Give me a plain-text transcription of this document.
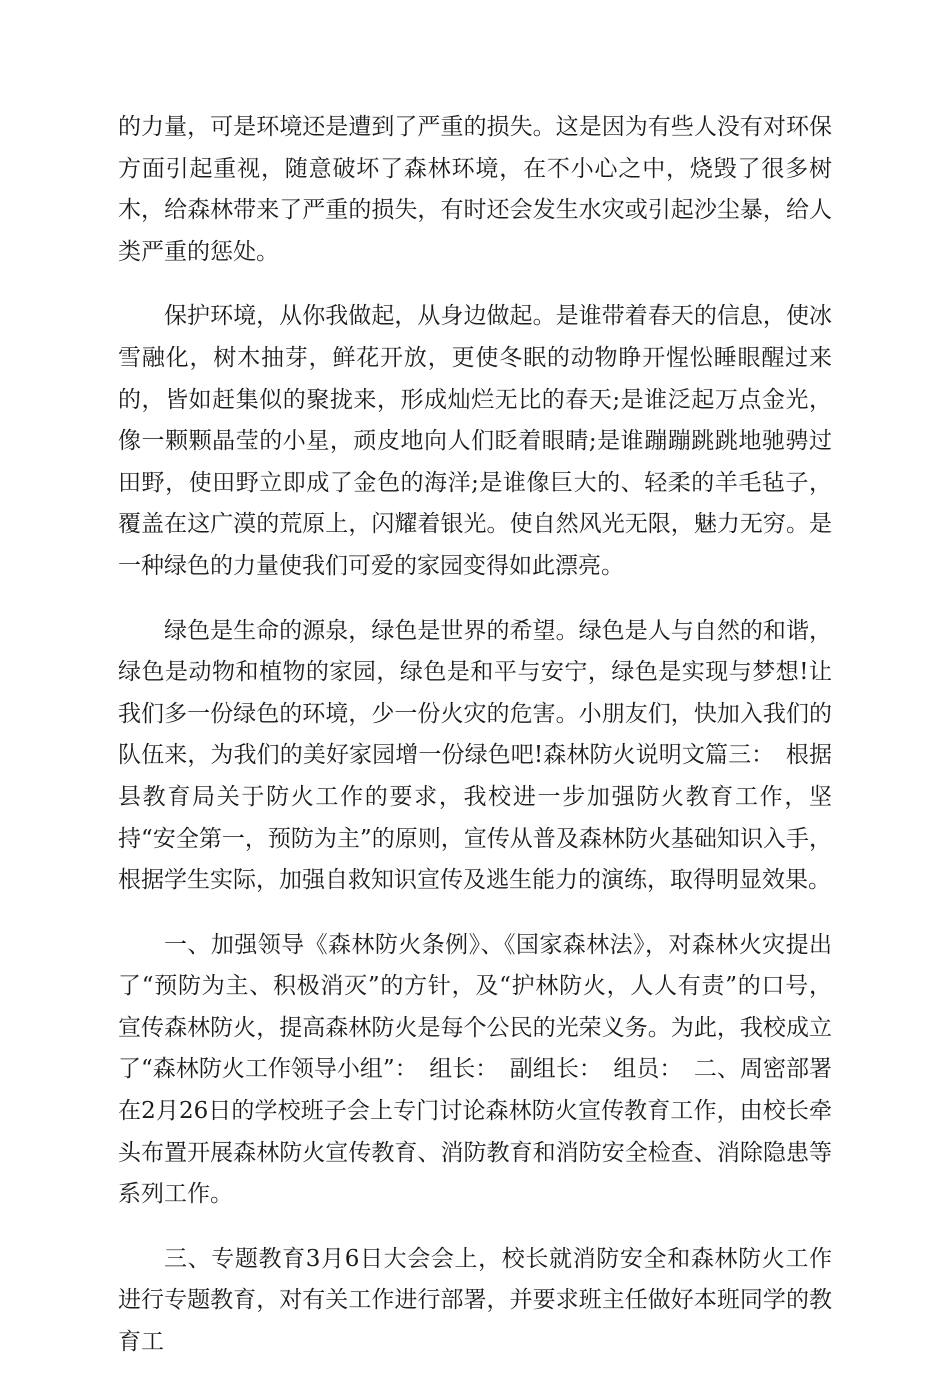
的力量，可是环境还是遭到了严重的损失。这是因为有些人没有对环保方面引起重视，随意破坏了森林环境，在不小心之中，烧毁了很多树木，给森林带来了严重的损失，有时还会发生水灾或引起沙尘暴，给人类严重的惩处。

保护环境，从你我做起，从身边做起。是谁带着春天的信息，使冰雪融化，树木抽芽，鲜花开放，更使冬眠的动物睁开惺忪睡眼醒过来的，皆如赶集似的聚拢来，形成灿烂无比的春天;是谁泛起万点金光，像一颗颗晶莹的小星，顽皮地向人们眨着眼睛;是谁蹦蹦跳跳地驰骋过田野，使田野立即成了金色的海洋;是谁像巨大的、轻柔的羊毛毡子，覆盖在这广漠的荒原上，闪耀着银光。使自然风光无限，魅力无穷。是一种绿色的力量使我们可爱的家园变得如此漂亮。

绿色是生命的源泉，绿色是世界的希望。绿色是人与自然的和谐，绿色是动物和植物的家园，绿色是和平与安宁，绿色是实现与梦想!让我们多一份绿色的环境，少一份火灾的危害。小朋友们，快加入我们的队伍来，为我们的美好家园增一份绿色吧!森林防火说明文篇三：　根据县教育局关于防火工作的要求，我校进一步加强防火教育工作，坚持“安全第一，预防为主”的原则，宣传从普及森林防火基础知识入手，根据学生实际，加强自救知识宣传及逃生能力的演练，取得明显效果。

一、加强领导《森林防火条例》、《国家森林法》，对森林火灾提出了“预防为主、积极消灭”的方针，及“护林防火，人人有责”的口号，宣传森林防火，提高森林防火是每个公民的光荣义务。为此，我校成立了“森林防火工作领导小组”：　组长：　副组长：　组员：　二、周密部署在2月26日的学校班子会上专门讨论森林防火宣传教育工作，由校长牵头布置开展森林防火宣传教育、消防教育和消防安全检查、消除隐患等系列工作。

三、专题教育3月6日大会会上，校长就消防安全和森林防火工作进行专题教育，对有关工作进行部署，并要求班主任做好本班同学的教育工
